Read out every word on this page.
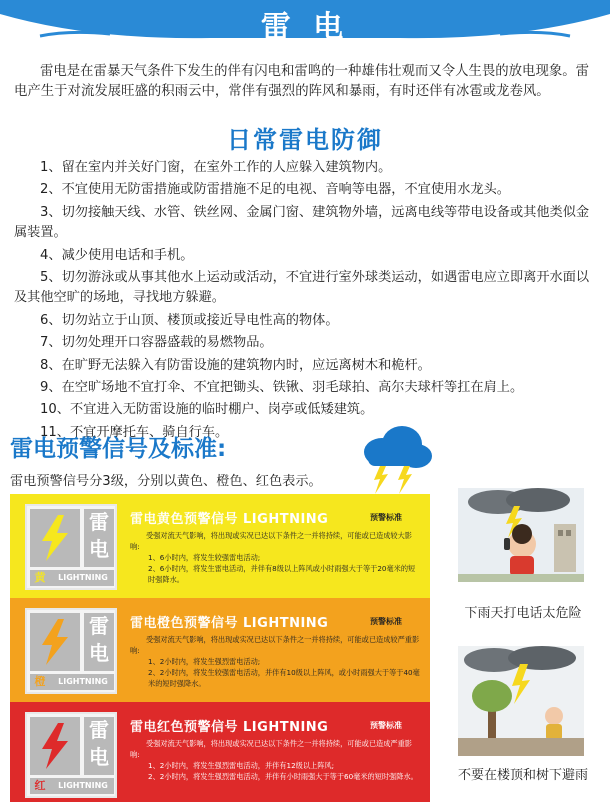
雷 电

雷电是在雷暴天气条件下发生的伴有闪电和雷鸣的一种雄伟壮观而又令人生畏的放电现象。雷电产生于对流发展旺盛的积雨云中，常伴有强烈的阵风和暴雨，有时还伴有冰雹或龙卷风。

日常雷电防御
1、留在室内并关好门窗，在室外工作的人应躲入建筑物内。
2、不宜使用无防雷措施或防雷措施不足的电视、音响等电器，不宜使用水龙头。
3、切勿接触天线、水管、铁丝网、金属门窗、建筑物外墙，远离电线等带电设备或其他类似金属装置。
4、减少使用电话和手机。
5、切勿游泳或从事其他水上运动或活动，不宜进行室外球类运动，如遇雷电应立即离开水面以及其他空旷的场地，寻找地方躲避。
6、切勿站立于山顶、楼顶或接近导电性高的物体。
7、切勿处理开口容器盛载的易燃物品。
8、在旷野无法躲入有防雷设施的建筑物内时，应远离树木和桅杆。
9、在空旷场地不宜打伞、不宜把锄头、铁锹、羽毛球拍、高尔夫球杆等扛在肩上。
10、不宜进入无防雷设施的临时棚户、岗亭或低矮建筑。
11、不宜开摩托车、骑自行车。
雷电预警信号及标准:
雷电预警信号分3级，分别以黄色、橙色、红色表示。
雷
电
黄	LIGHTNING
雷电黄色预警信号 LIGHTNING	预警标准
受强对流天气影响，将出现或实况已达以下条件之一并将持续，可能或已造成较大影响:
1、6小时内，将发生较强雷电活动;
2、6小时内，将发生雷电活动，并伴有8级以上阵风或小时雨强大于等于20毫米的短时强降水。
雷
电
橙	LIGHTNING
雷电橙色预警信号 LIGHTNING	预警标准
受强对流天气影响，将出现或实况已达以下条件之一并将持续，可能或已造成较严重影响:
1、2小时内，将发生强烈雷电活动;
2、2小时内，将发生较强雷电活动，并伴有10级以上阵风，或小时雨强大于等于40毫米的短时强降水。
雷
电
红	LIGHTNING
雷电红色预警信号 LIGHTNING	预警标准
受强对流天气影响，将出现或实况已达以下条件之一并将持续，可能或已造成严重影响:
1、2小时内，将发生强烈雷电活动，并伴有12级以上阵风;
2、2小时内，将发生强烈雷电活动，并伴有小时雨强大于等于60毫米的短时强降水。
下雨天打电话太危险
不要在楼顶和树下避雨
